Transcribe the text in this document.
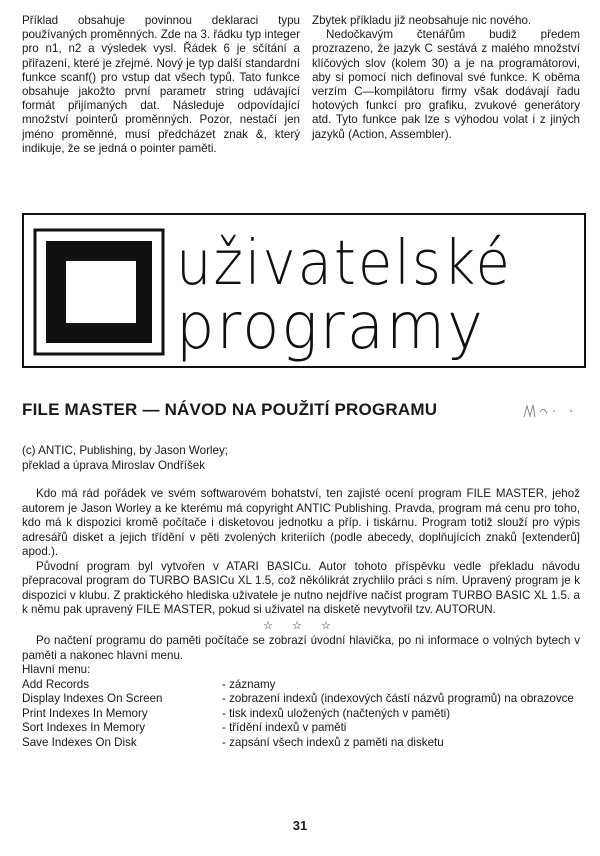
Příklad obsahuje povinnou deklaraci typu používaných proměnných. Zde na 3. řádku typ integer pro n1, n2 a výsledek vysl. Řádek 6 je sčítání a přiřazení, které je zřejmé. Nový je typ další standardní funkce scanf() pro vstup dat všech typů. Tato funkce obsahuje jakožto první parametr string udávající formát přijímaných dat. Následuje odpovídající množství pointerů proměnných. Pozor, nestačí jen jméno proměnné, musí předcházet znak &, který indikuje, že se jedná o pointer paměti.

Zbytek příkladu již neobsahuje nic nového.

Nedočkavým čtenářům budiž předem prozrazeno, že jazyk C sestává z malého množství klíčových slov (kolem 30) a je na programátorovi, aby si pomocí nich definoval své funkce. K oběma verzím C—kompilátoru firmy však dodávají řadu hotových funkcí pro grafiku, zvukové generátory atd. Tyto funkce pak lze s výhodou volat i z jiných jazyků (Action, Assembler).

uživatelské
programy
FILE MASTER — NÁVOD NA POUŽITÍ PROGRAMU
(c) ANTIC, Publishing, by Jason Worley;
překlad a úprava Miroslav Ondříšek

Kdo má rád pořádek ve svém softwarovém bohatství, ten zajisté ocení program FILE MASTER, jehož autorem je Jason Worley a ke kterému má copyright ANTIC Publishing. Pravda, program má cenu pro toho, kdo má k dispozici kromě počítače i disketovou jednotku a příp. i tiskárnu. Program totiž slouží pro výpis adresářů disket a jejich třídění v pěti zvolených kriteriích (podle abecedy, doplňujících znaků [extenderů] apod.).

Původní program byl vytvořen v ATARI BASICu. Autor tohoto příspěvku vedle překladu návodu přepracoval program do TURBO BASICu XL 1.5, což někólikrát zrychlilo práci s ním. Upravený program je k dispozici v klubu. Z praktického hlediska uživatele je nutno nejdříve načíst program TURBO BASIC XL 1.5. a k němu pak upravený FILE MASTER, pokud si uživatel na disketě nevytvořil tzv. AUTORUN.

☆ ☆ ☆

Po načtení programu do paměti počítače se zobrazí úvodní hlavička, po ni informace o volných bytech v paměti a nakonec hlavní menu.

Hlavní menu:

Add Records	- záznamy
Display Indexes On Screen	- zobrazení indexů (indexových částí názvů programů) na obrazovce
Print Indexes In Memory	- tisk indexů uložených (načtených v paměti)
Sort Indexes In Memory	- třídění indexů v paměti
Save Indexes On Disk	- zapsání všech indexů z paměti na disketu
31
